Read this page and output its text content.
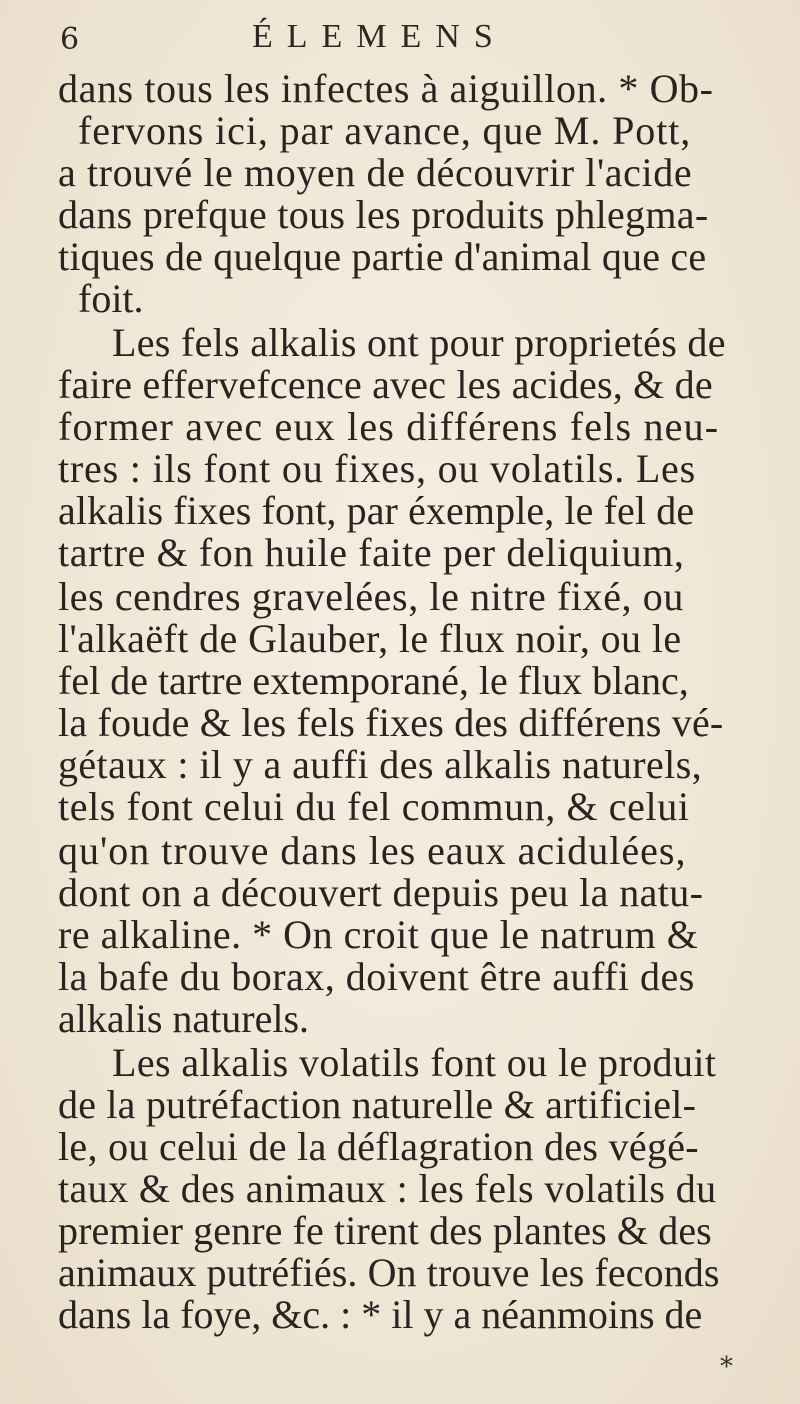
6	ÉLEMENS
dans tous les infectes à aiguillon. * Ob-
fervons ici, par avance, que M. Pott,
a trouvé le moyen de découvrir l'acide
dans prefque tous les produits phlegma-
tiques de quelque partie d'animal que ce
foit.
Les fels alkalis ont pour proprietés de
faire effervefcence avec les acides, & de
former avec eux les différens fels neu-
tres : ils font ou fixes, ou volatils. Les
alkalis fixes font, par éxemple, le fel de
tartre & fon huile faite per deliquium,
les cendres gravelées, le nitre fixé, ou
l'alkaëft de Glauber, le flux noir, ou le
fel de tartre extemporané, le flux blanc,
la foude & les fels fixes des différens vé-
gétaux : il y a auffi des alkalis naturels,
tels font celui du fel commun, & celui
qu'on trouve dans les eaux acidulées,
dont on a découvert depuis peu la natu-
re alkaline. * On croit que le natrum &
la bafe du borax, doivent être auffi des
alkalis naturels.
Les alkalis volatils font ou le produit
de la putréfaction naturelle & artificiel-
le, ou celui de la déflagration des végé-
taux & des animaux : les fels volatils du
premier genre fe tirent des plantes & des
animaux putréfiés. On trouve les feconds
dans la foye, &c. : * il y a néanmoins de
*
